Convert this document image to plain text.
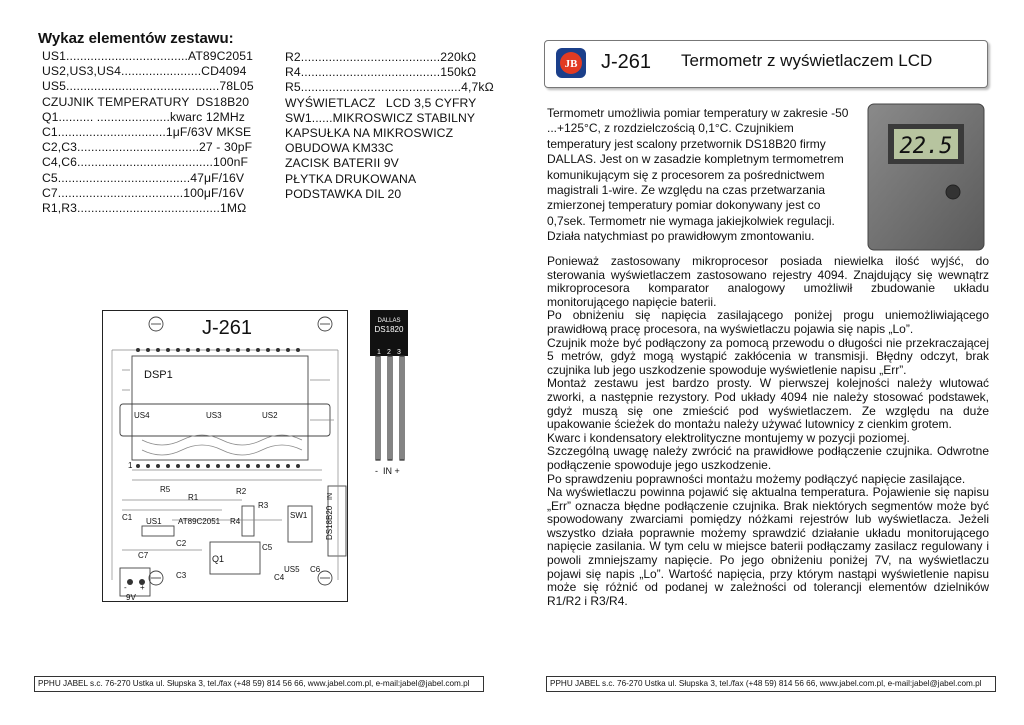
Wykaz elementów zestawu:
US1...................................AT89C2051
US2,US3,US4.......................CD4094
US5............................................78L05
CZUJNIK TEMPERATURY  DS18B20
Q1.......... .....................kwarc 12MHz
C1...............................1μF/63V MKSE
C2,C3...................................27 - 30pF
C4,C6.......................................100nF
C5......................................47μF/16V
C7....................................100μF/16V
R1,R3.........................................1MΩ
R2........................................220kΩ
R4........................................150kΩ
R5..............................................4,7kΩ
WYŚWIETLACZ   LCD 3,5 CYFRY
SW1......MIKROSWICZ STABILNY
KAPSUŁKA NA MIKROSWICZ
OBUDOWA KM33C
ZACISK BATERII 9V
PŁYTKA DRUKOWANA
PODSTAWKA DIL 20
JB J-261 Termometr z wyświetlaczem LCD
Termometr umożliwia pomiar temperatury w zakresie -50 ...+125°C, z rozdzielczością 0,1°C. Czujnikiem temperatury jest scalony przetwornik DS18B20 firmy DALLAS. Jest on w zasadzie kompletnym termometrem komunikującym się z procesorem za pośrednictwem magistrali 1-wire. Ze względu na czas przetwarzania zmierzonej temperatury pomiar dokonywany jest co 0,7sek. Termometr nie wymaga jakiejkolwiek regulacji. Działa natychmiast po prawidłowym zmontowaniu.
22.5

Ponieważ zastosowany mikroprocesor posiada niewielka ilość wyjść, do sterowania wyświetlaczem zastosowano rejestry 4094. Znajdujący się wewnątrz mikroprocesora komparator analogowy umożliwił zbudowanie układu monitorującego napięcie baterii.

Po obniżeniu się napięcia zasilającego poniżej progu uniemożliwiającego prawidłową pracę procesora, na wyświetlaczu pojawia się napis „Lo”.

Czujnik może być podłączony za pomocą przewodu o długości nie przekraczającej 5 metrów, gdyż mogą wystąpić zakłócenia w transmisji. Błędny odczyt, brak czujnika lub jego uszkodzenie spowoduje wyświetlenie napisu „Err”.

Montaż zestawu jest bardzo prosty. W pierwszej kolejności należy wlutować zworki, a następnie rezystory. Pod układy 4094 nie należy stosować podstawek, gdyż muszą się one zmieścić pod wyświetlaczem. Ze względu na duże upakowanie ścieżek do montażu należy używać lutownicy z cienkim grotem.

Kwarc i kondensatory elektrolityczne montujemy w pozycji poziomej.

Szczególną uwagę należy zwrócić na prawidłowe podłączenie czujnika. Odwrotne podłączenie spowoduje jego uszkodzenie.

Po sprawdzeniu poprawności montażu możemy podłączyć napięcie zasilające.

Na wyświetlaczu powinna pojawić się aktualna temperatura. Pojawienie się napisu „Err” oznacza błędne podłączenie czujnika. Brak niektórych segmentów może być spowodowany zwarciami pomiędzy nóżkami rejestrów lub wyświetlacza. Jeżeli wszystko działa poprawnie możemy sprawdzić działanie układu monitorującego napięcie zasilania. W tym celu w miejsce baterii podłączamy zasilacz regulowany i powoli zmniejszamy napięcie. Po jego obniżeniu poniżej 7V, na wyświetlaczu pojawi się napis „Lo”. Wartość napięcia, przy którym nastąpi wyświetlenie napisu może się różnić od podanej w zależności od tolerancji elementów dzielników R1/R2 i R3/R4.

J-261
DSP1
US4	US3	US2
1
R5
R1
R2
R3
C1 US1 AT89C2051 R4
C2
C7	Q1
C5
SW1
US5
C4
C6
C3
- +
9V
DS18B20
IN
DALLAS
DS1820
1 2 3
-  IN +
PPHU JABEL s.c. 76-270 Ustka ul. Słupska 3, tel./fax (+48 59) 814 56 66, www.jabel.com.pl, e-mail:jabel@jabel.com.pl	PPHU JABEL s.c. 76-270 Ustka ul. Słupska 3, tel./fax (+48 59) 814 56 66, www.jabel.com.pl, e-mail:jabel@jabel.com.pl
